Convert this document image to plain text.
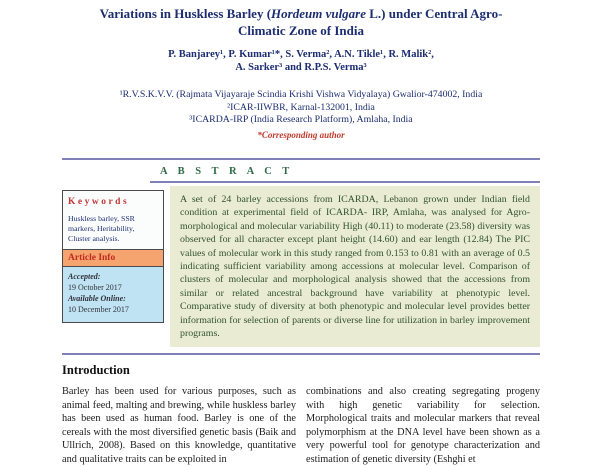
Variations in Huskless Barley (Hordeum vulgare L.) under Central Agro-Climatic Zone of India

P. Banjarey¹, P. Kumar¹*, S. Verma², A.N. Tikle¹, R. Malik²,

A. Sarker³ and R.P.S. Verma³

¹R.V.S.K.V.V. (Rajmata Vijayaraje Scindia Krishi Vishwa Vidyalaya) Gwalior-474002, India

²ICAR-IIWBR, Karnal-132001, India

³ICARDA-IRP (India Research Platform), Amlaha, India

*Corresponding author

A B S T R A C T
Keywords

Huskless barley, SSR markers, Heritability, Cluster analysis.

Article Info

Accepted:

19 October 2017

Available Online:

10 December 2017

A set of 24 barley accessions from ICARDA, Lebanon grown under Indian field condition at experimental field of ICARDA- IRP, Amlaha, was analysed for Agro-morphological and molecular variability High (40.11) to moderate (23.58) diversity was observed for all character except plant height (14.60) and ear length (12.84) The PIC values of molecular work in this study ranged from 0.153 to 0.81 with an average of 0.5 indicating sufficient variability among accessions at molecular level. Comparison of clusters of molecular and morphological analysis showed that the accessions from similar or related ancestral background have variability at phenotypic level. Comparative study of diversity at both phenotypic and molecular level provides better information for selection of parents or diverse line for utilization in barley improvement programs.

Introduction

Barley has been used for various purposes, such as animal feed, malting and brewing, while huskless barley has been used as human food. Barley is one of the cereals with the most diversified genetic basis (Baik and Ullrich, 2008). Based on this knowledge, quantitative and qualitative traits can be exploited in

combinations and also creating segregating progeny with high genetic variability for selection. Morphological traits and molecular markers that reveal polymorphism at the DNA level have been shown as a very powerful tool for genotype characterization and estimation of genetic diversity (Eshghi et
